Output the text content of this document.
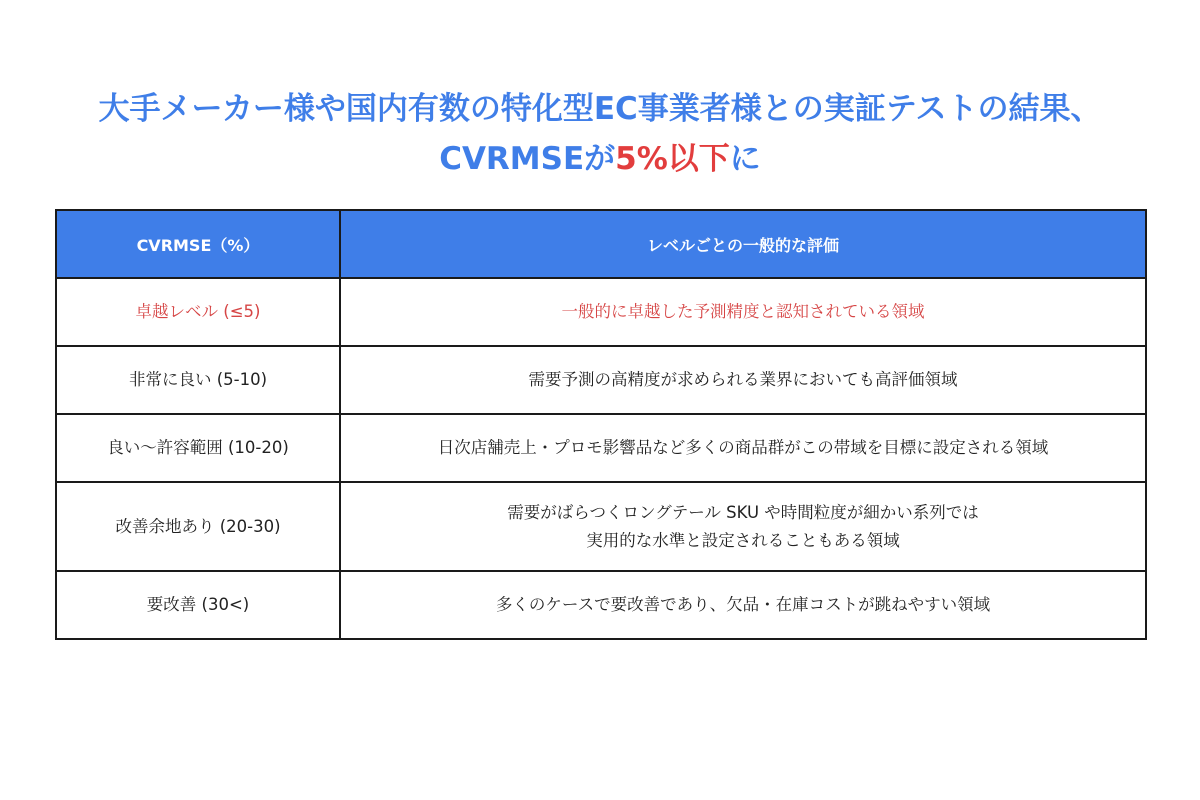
大手メーカー様や国内有数の特化型EC事業者様との実証テストの結果、
CVRMSEが5%以下に
CVRMSE（%）	レベルごとの一般的な評価
卓越レベル (≤5)	一般的に卓越した予測精度と認知されている領域

非常に良い (5-10)	需要予測の高精度が求められる業界においても高評価領域

良い〜許容範囲 (10-20)	日次店舗売上・プロモ影響品など多くの商品群がこの帯域を目標に設定される領域

改善余地あり (20-30)	需要がばらつくロングテール SKU や時間粒度が細かい系列では
実用的な水準と設定されることもある領域

要改善 (30<)	多くのケースで要改善であり、欠品・在庫コストが跳ねやすい領域
